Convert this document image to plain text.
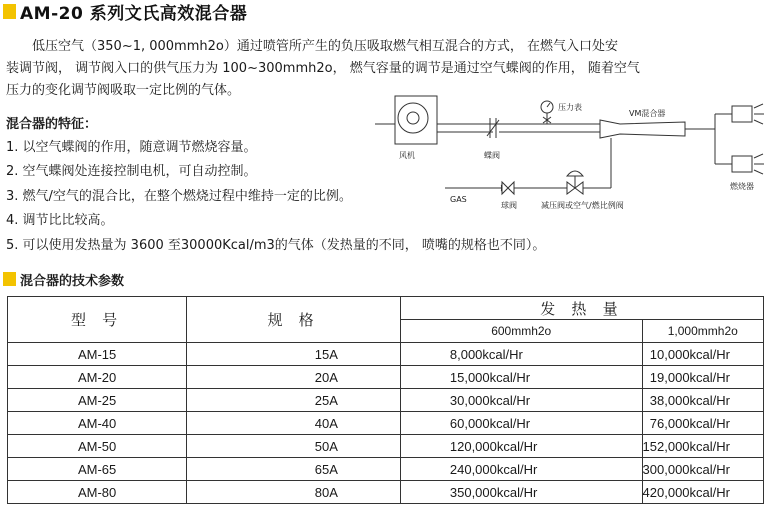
AM-20 系列文氏高效混合器
低压空气（350~1, 000mmh2o）通过喷管所产生的负压吸取燃气相互混合的方式， 在燃气入口处安
装调节阀， 调节阀入口的供气压力为 100~300mmh2o， 燃气容量的调节是通过空气蝶阀的作用， 随着空气
压力的变化调节阀吸取一定比例的气体。
混合器的特征：
1. 以空气蝶阀的作用，随意调节燃烧容量。
2. 空气蝶阀处连接控制电机，可自动控制。
3. 燃气/空气的混合比，在整个燃烧过程中维持一定的比例。
4. 调节比比较高。
5. 可以使用发热量为 3600 至30000Kcal/m3的气体（发热量的不同， 喷嘴的规格也不同）。
风机	蝶阀
压力表
VM混合器
燃烧器
GAS
球阀	减压阀或空气/燃比例阀
混合器的技术参数
型 号	规 格	发 热 量	
		600mmh2o	1,000mmh2o
AM-15	15A	8,000kcal/Hr	10,000kcal/Hr
AM-20	20A	15,000kcal/Hr	19,000kcal/Hr
AM-25	25A	30,000kcal/Hr	38,000kcal/Hr
AM-40	40A	60,000kcal/Hr	76,000kcal/Hr
AM-50	50A	120,000kcal/Hr	152,000kcal/Hr
AM-65	65A	240,000kcal/Hr	300,000kcal/Hr
AM-80	80A	350,000kcal/Hr	420,000kcal/Hr
